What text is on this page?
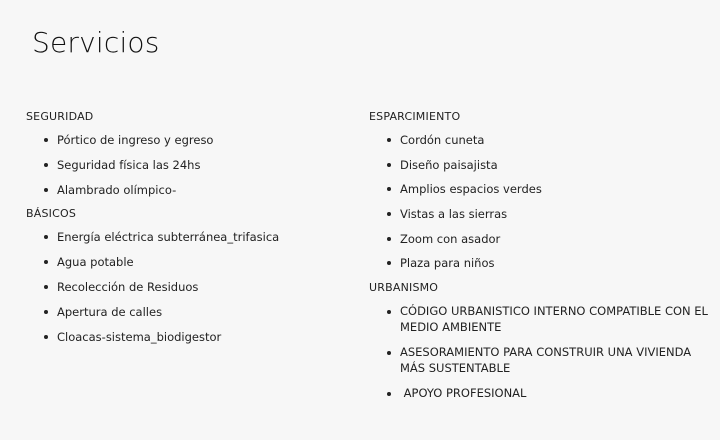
Servicios
SEGURIDAD
Pórtico de ingreso y egreso
Seguridad física las 24hs
Alambrado olímpico-
BÁSICOS
Energía eléctrica subterránea_trifasica
Agua potable
Recolección de Residuos
Apertura de calles
Cloacas-sistema_biodigestor
ESPARCIMIENTO
Cordón cuneta
Diseño paisajista
Amplios espacios verdes
Vistas a las sierras
Zoom con asador
Plaza para niños
URBANISMO
CÓDIGO URBANISTICO INTERNO COMPATIBLE CON EL MEDIO AMBIENTE
ASESORAMIENTO PARA CONSTRUIR UNA VIVIENDA MÁS SUSTENTABLE
APOYO PROFESIONAL
